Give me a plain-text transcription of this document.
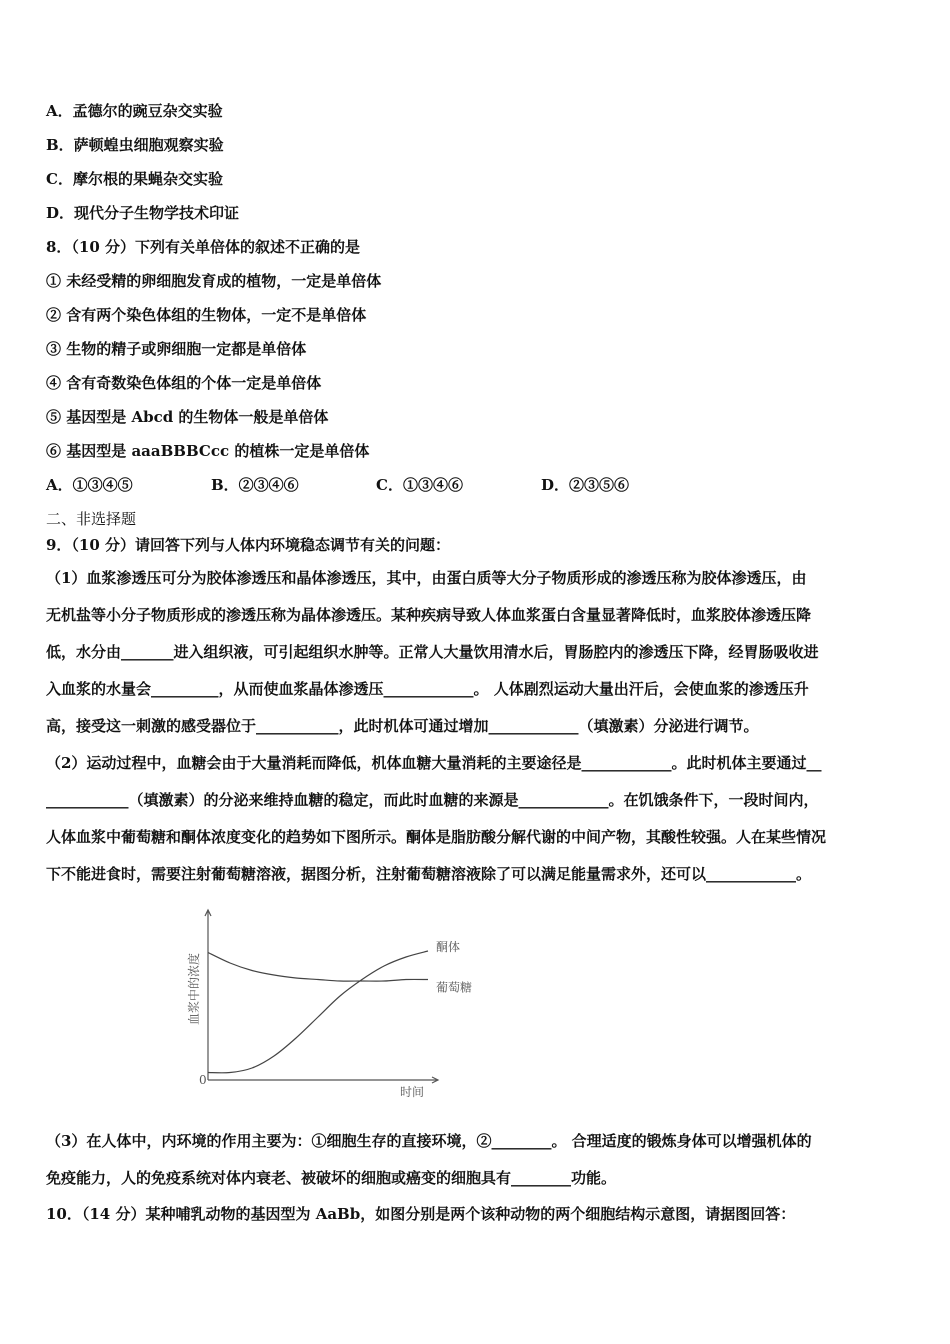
A．孟德尔的豌豆杂交实验
B．萨顿蝗虫细胞观察实验
C．摩尔根的果蝇杂交实验
D．现代分子生物学技术印证
8．（10 分）下列有关单倍体的叙述不正确的是
① 未经受精的卵细胞发育成的植物，一定是单倍体
② 含有两个染色体组的生物体，一定不是单倍体
③ 生物的精子或卵细胞一定都是单倍体
④ 含有奇数染色体组的个体一定是单倍体
⑤ 基因型是 Abcd 的生物体一般是单倍体
⑥ 基因型是 aaaBBBCcc 的植株一定是单倍体
A．①③④⑤	B．②③④⑥	C．①③④⑥	D．②③⑤⑥
二、非选择题
9．（10 分）请回答下列与人体内环境稳态调节有关的问题：
（1）血浆渗透压可分为胶体渗透压和晶体渗透压，其中，由蛋白质等大分子物质形成的渗透压称为胶体渗透压，由
无机盐等小分子物质形成的渗透压称为晶体渗透压。某种疾病导致人体血浆蛋白含量显著降低时，血浆胶体渗透压降
低，水分由_______进入组织液，可引起组织水肿等。正常人大量饮用清水后，胃肠腔内的渗透压下降，经胃肠吸收进
入血浆的水量会_________，从而使血浆晶体渗透压____________。 人体剧烈运动大量出汗后，会使血浆的渗透压升
高，接受这一刺激的感受器位于___________，此时机体可通过增加____________（填激素）分泌进行调节。
（2）运动过程中，血糖会由于大量消耗而降低，机体血糖大量消耗的主要途径是____________。此时机体主要通过__
___________（填激素）的分泌来维持血糖的稳定，而此时血糖的来源是____________。在饥饿条件下，一段时间内，
人体血浆中葡萄糖和酮体浓度变化的趋势如下图所示。酮体是脂肪酸分解代谢的中间产物，其酸性较强。人在某些情况
下不能进食时，需要注射葡萄糖溶液，据图分析，注射葡萄糖溶液除了可以满足能量需求外，还可以____________。
0
时间
血浆中的浓度
酮体
葡萄糖
（3）在人体中，内环境的作用主要为：①细胞生存的直接环境，②________。 合理适度的锻炼身体可以增强机体的
免疫能力，人的免疫系统对体内衰老、被破坏的细胞或癌变的细胞具有________功能。
10．（14 分）某种哺乳动物的基因型为 AaBb，如图分别是两个该种动物的两个细胞结构示意图，请据图回答：
